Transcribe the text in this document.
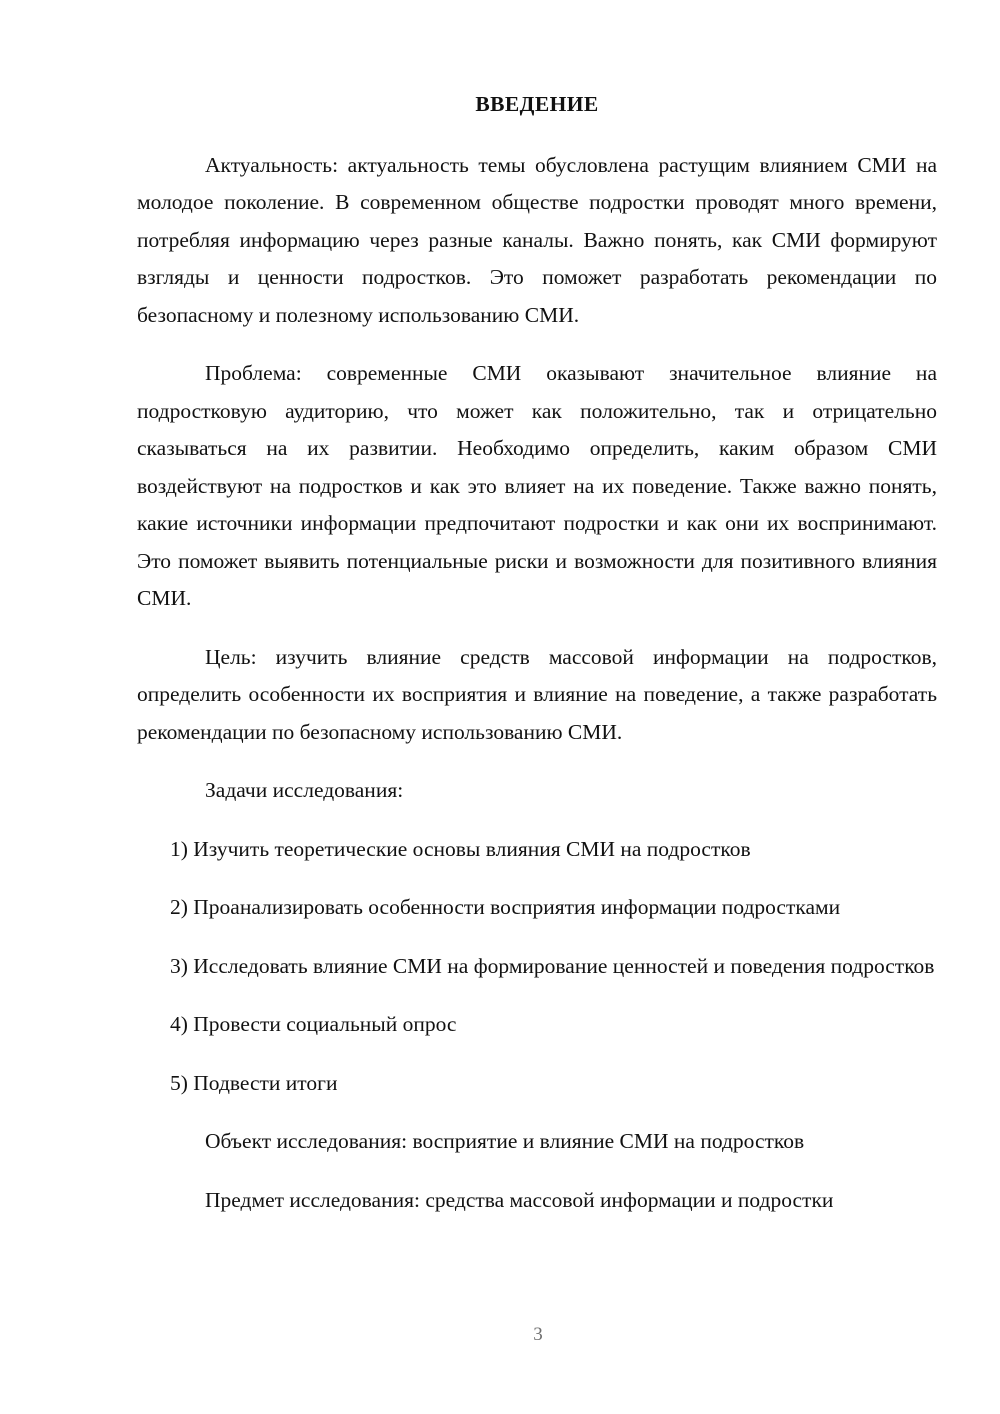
ВВЕДЕНИЕ

Актуальность: актуальность темы обусловлена растущим влиянием СМИ на молодое поколение. В современном обществе подростки проводят много времени, потребляя информацию через разные каналы. Важно понять, как СМИ формируют взгляды и ценности подростков. Это поможет разработать рекомендации по безопасному и полезному использованию СМИ.

Проблема: современные СМИ оказывают значительное влияние на подростковую аудиторию, что может как положительно, так и отрицательно сказываться на их развитии. Необходимо определить, каким образом СМИ воздействуют на подростков и как это влияет на их поведение. Также важно понять, какие источники информации предпочитают подростки и как они их воспринимают. Это поможет выявить потенциальные риски и возможности для позитивного влияния СМИ.

Цель: изучить влияние средств массовой информации на подростков, определить особенности их восприятия и влияние на поведение, а также разработать рекомендации по безопасному использованию СМИ.

Задачи исследования:

1) Изучить теоретические основы влияния СМИ на подростков
2) Проанализировать особенности восприятия информации подростками
3) Исследовать влияние СМИ на формирование ценностей и поведения подростков
4) Провести социальный опрос
5) Подвести итоги

Объект исследования: восприятие и влияние СМИ на подростков

Предмет исследования: средства массовой информации и подростки

3
